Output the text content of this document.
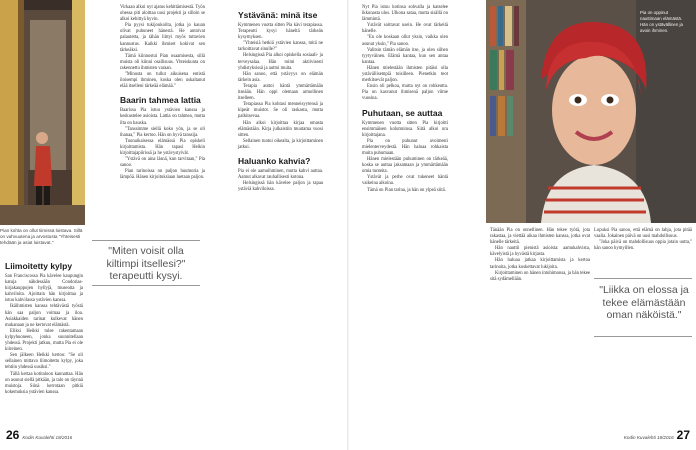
Pian kohta on ollut tiimissä loistava. Sillä on vahvuutena ja arvostusta "Yhteisesti tehdään ja asiat luistavat."
Liimoitetty kylpy

San Franciscossa Pia kävelee kaupungin katuja nähdessään Condorias-kirjakauppojen hyllyjä, museoita ja kahviloita. Ajoittain hän kirjoittaa ja istuu kahvilassa ystävien kanssa.

Ikäihmisten kanssa tehtävästä työstä hän saa paljon voimaa ja iloa. Asiakkaiden tarinat kulkevat hänen mukanaan ja ne kertovat elämästä.

Eliksi Heikki tulee rakentamaan kylpyhuoneen, jonka suunnitellaan yhdessä. Projekti jatkuu, mutta Pia ei ole kiireinen.

Sen jälkeen Heikki kertoo: "Se oli sellainen mittava liimoitettu kylpy, joka tehtiin yhdessä uusiksi."

Tällä kertaa kotitaloon kannattaa. Hän on asunut siellä pitkään, ja talo on täynnä muistoja. Siinä kerrotaan pitkiä kokemuksia ystävien kanssa.

Virkaan alkoi nyt ajatus kehittämisestä. Työn ohessa piti aloittaa uusi projekti ja silloin se alkoi kehittyä hyvin.

Pia pyysi tukijoukoilta, jotka jo kauan olivat puhuneet hänestä. He antoivat palautetta, ja tähän liittyi myös tuttavien kannustus. Kaikki ihmiset kokivat sen tärkeäksi.

Tämä kiinnostui Pian osaamisesta, sillä muista oli kiinni osallisuus. Yhteiskunta on rakennettu ihmisten varaan.

"Minusta on tullut aikuisena entistä iloisempi ihminen, koska olen uskaltanut elää itselleni tärkeää elämää."

Baarin tahmea lattia

Baarissa Pia istuu ystävien kanssa ja keskustelee asioista. Lattia on tahmea, mutta ilta on hauska.

"Tanssimme siellä koko yön, ja se oli ihanaa," Pia kertoo. Hän on hyvä tanssija.

Tuonaikaisessa elämässä Pia opiskeli kirjoittamista. Hän tapasi Heikin kirjoittajapiirissä ja he ystävystyivät.

"Ystävä on aina läsnä, kun tarvitaan," Pia sanoo.

Pian tarinoissa on paljon huumoria ja lämpöä. Hänen kirjoituksiaan luetaan paljon.

"Miten voisit olla kiltimpi itsellesi?" terapeutti kysyi.
Ystävänä: minä itse

Kymmenen vuotta sitten Pia kävi terapiassa. Terapeutti kysyi häneltä tärkeän kysymyksen.

"Yhteisiä hetkiä ystävien kanssa, mitä ne tarkoittavat sinulle?"

Helsingissä Pia alkoi opiskella sosiaali- ja terveysalaa. Hän toimi aktiivisesti yhdistyksissä ja auttoi muita.

Hän sanoo, että ystävyys on elämän tärkein asia.

Terapia auttoi häntä ymmärtämään itseään. Hän oppi olemaan armollinen itselleen.

Terapiassa Pia kohtasi menneisyytensä ja kipeät muistot. Se oli raskasta, mutta palkitsevaa.

Hän alkoi kirjoittaa kirjaa omasta elämästään. Kirja julkaistiin muutama vuosi sitten.

Sellainen tuntui oikealta, ja kirjoittaminen jatkui.

Haluanko kahvia?

Pia ei ole aamuihminen, mutta kahvi auttaa. Aamut alkavat rauhallisesti kotona.

Helsingissä hän kävelee paljon ja tapaa ystäviä kahviloissa.

26 Kodin Kuvalehti 18/2016
Pia on oppinut nauttimaan elämästä. Hän on ystävällinen ja avoin ihminen.

Nyt Pia istuu kotinsa sohvalla ja katselee ikkunasta ulos. Ulkona sataa, mutta sisällä on lämmintä.

Ystävät soittavat usein. He ovat tärkeitä hänelle.

"En ole koskaan ollut yksin, vaikka olen asunut yksin," Pia sanoo.

Valitsin tämän elämän itse, ja olen siihen tyytyväinen. Elämä kantaa, kun sen antaa kantaa.

Hänen mielestään ihmisten pitäisi olla ystävällisempiä toisilleen. Pienetkin teot merkitsevät paljon.

Ensin oli pelkoa, mutta nyt on rohkeutta. Pia on kasvanut ihmisenä paljon viime vuosina.

Puhutaan, se auttaa

Kymmenen vuotta sitten Pia kirjoitti ensimmäisen kolumninsa. Siitä alkoi ura kirjoittajana.

Pia on puhunut avoimesti mielenterveydestä. Hän haluaa rohkaista muita puhumaan.

Hänen mielestään puhuminen on tärkeää, koska se auttaa jaksamaan ja ymmärtämään omia tunteita.

Ystävät ja perhe ovat tukeneet häntä vaikeina aikoina.

Tämä on Pian tarina, ja hän on ylpeä siitä.

Tänään Pia on onnellinen. Hän tekee työtä, jota rakastaa, ja viettää aikaa ihmisten kanssa, jotka ovat hänelle tärkeitä.

Hän nauttii pienistä asioista: aamukahvista, kävelyistä ja hyvästä kirjasta.

Hän haluaa jatkaa kirjoittamista ja kertoa tarinoita, jotka koskettavat lukijoita.

Kirjoittaminen on hänen intohimonsa, ja hän tekee sitä sydämellään.

Lopuksi Pia sanoo, että elämä on lahja, jota pitää vaalia. Jokainen päivä on uusi mahdollisuus.

"Joka päivä on mahdollisuus oppia jotain uutta," hän sanoo hymyillen.

"Liikka on elossa ja tekee elämästään oman näköistä."
Kodin Kuvalehti 18/2016 27
